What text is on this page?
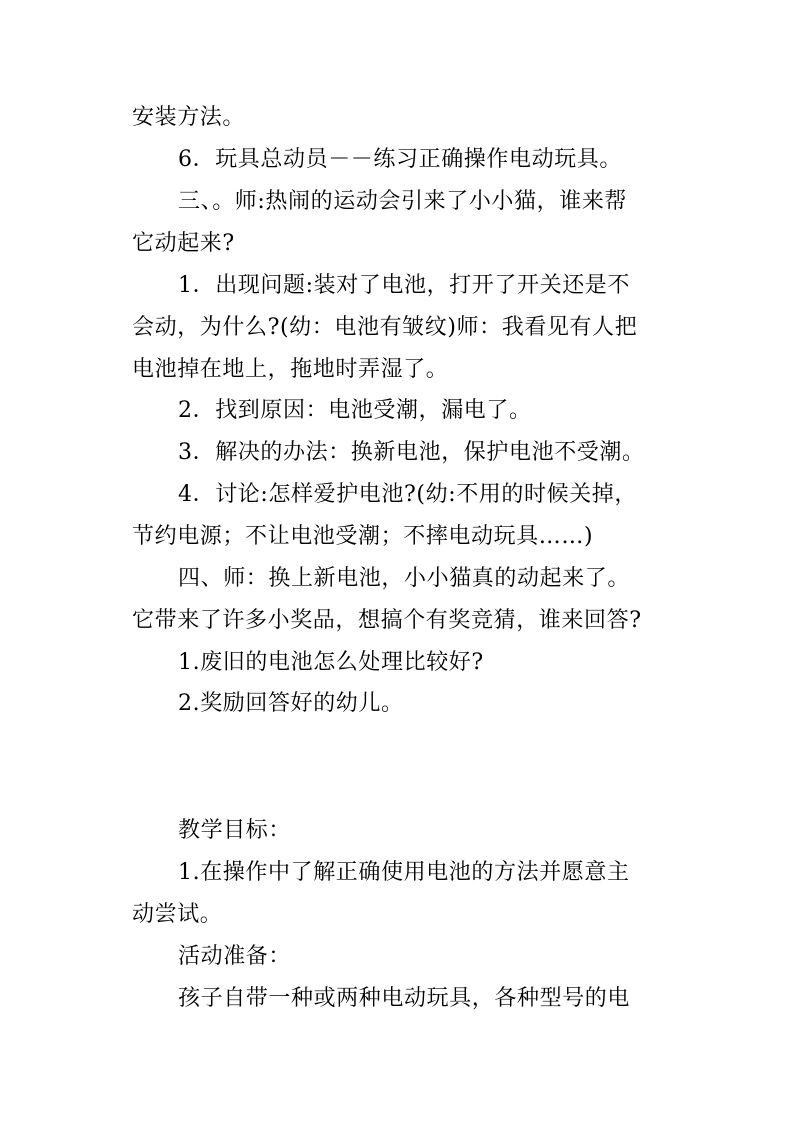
安装方法。
6．玩具总动员－－练习正确操作电动玩具。
三、。师:热闹的运动会引来了小小猫，谁来帮
它动起来?
1．出现问题:装对了电池，打开了开关还是不
会动，为什么?(幼：电池有皱纹)师：我看见有人把
电池掉在地上，拖地时弄湿了。
2．找到原因：电池受潮，漏电了。
3．解决的办法：换新电池，保护电池不受潮。
4．讨论:怎样爱护电池?(幼:不用的时候关掉，
节约电源；不让电池受潮；不摔电动玩具……)
四、师：换上新电池，小小猫真的动起来了。
它带来了许多小奖品，想搞个有奖竞猜，谁来回答?
1.废旧的电池怎么处理比较好?
2.奖励回答好的幼儿。
教学目标：
1.在操作中了解正确使用电池的方法并愿意主
动尝试。
活动准备：
孩子自带一种或两种电动玩具，各种型号的电
